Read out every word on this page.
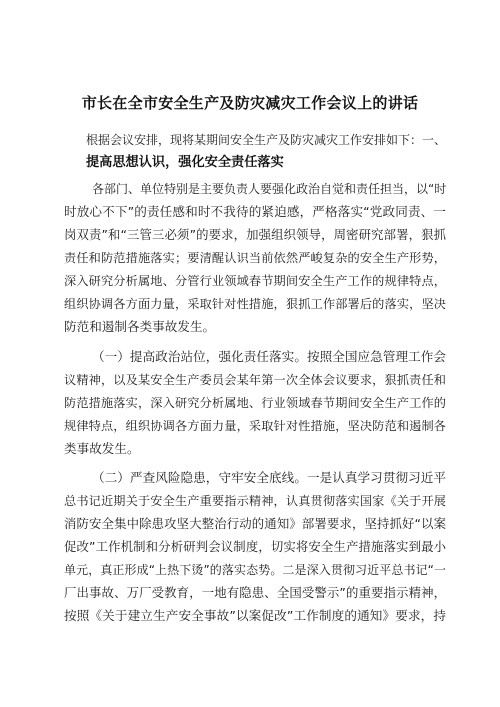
市长在全市安全生产及防灾减灾工作会议上的讲话
根据会议安排，现将某期间安全生产及防灾减灾工作安排如下：一、
提高思想认识，强化安全责任落实
各部门、单位特别是主要负责人要强化政治自觉和责任担当，以“时
时放心不下”的责任感和时不我待的紧迫感，严格落实“党政同责、一
岗双责”和“三管三必须”的要求，加强组织领导，周密研究部署，狠抓
责任和防范措施落实；要清醒认识当前依然严峻复杂的安全生产形势，
深入研究分析属地、分管行业领域春节期间安全生产工作的规律特点，
组织协调各方面力量，采取针对性措施，狠抓工作部署后的落实，坚决
防范和遏制各类事故发生。
（一）提高政治站位，强化责任落实。按照全国应急管理工作会
议精神，以及某安全生产委员会某年第一次全体会议要求，狠抓责任和
防范措施落实，深入研究分析属地、行业领域春节期间安全生产工作的
规律特点，组织协调各方面力量，采取针对性措施，坚决防范和遏制各
类事故发生。
（二）严查风险隐患，守牢安全底线。一是认真学习贯彻习近平
总书记近期关于安全生产重要指示精神，认真贯彻落实国家《关于开展
消防安全集中除患攻坚大整治行动的通知》部署要求，坚持抓好“以案
促改”工作机制和分析研判会议制度，切实将安全生产措施落实到最小
单元，真正形成“上热下烫”的落实态势。二是深入贯彻习近平总书记“一
厂出事故、万厂受教育，一地有隐患、全国受警示”的重要指示精神，
按照《关于建立生产安全事故”以案促改”工作制度的通知》要求，持
